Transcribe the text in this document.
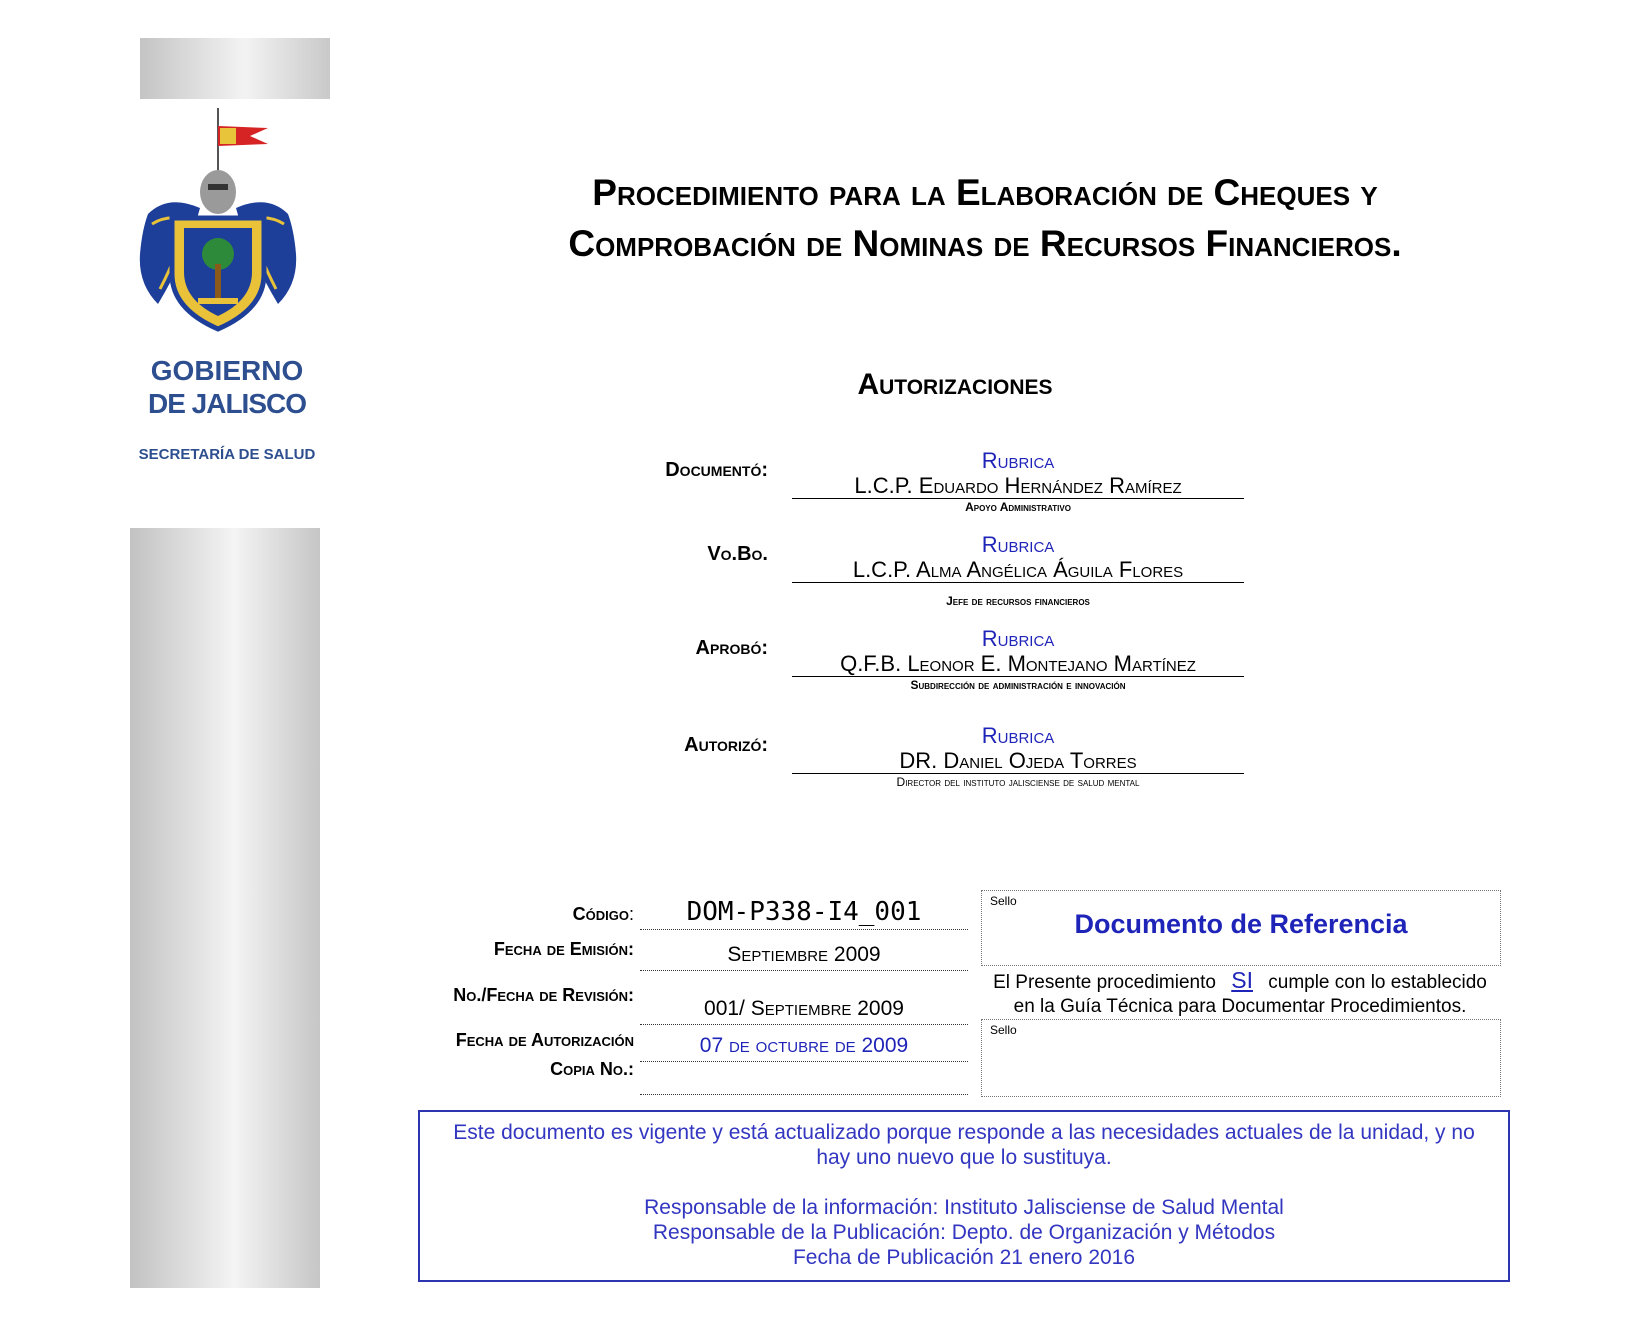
GOBIERNO
DE JALISCO
SECRETARÍA DE SALUD
Procedimiento para la Elaboración de Cheques y
Comprobación de Nominas de Recursos Financieros.
Autorizaciones
Documentó:	Rubrica
L.C.P. Eduardo Hernández Ramírez
Apoyo Administrativo
Vo.Bo.	Rubrica
L.C.P. Alma Angélica Águila Flores
Jefe de recursos financieros
Aprobó:	Rubrica
Q.F.B. Leonor E. Montejano Martínez
Subdirección de administración e innovación
Autorizó:	Rubrica
DR. Daniel Ojeda Torres
Director del instituto jalisciense de salud mental
Código:	DOM-P338-I4_001
Fecha de Emisión:	Septiembre 2009
No./Fecha de Revisión:
001/ Septiembre 2009
Fecha de Autorización	07 de octubre de 2009
Copia No.:
Sello
Documento de Referencia
El Presente procedimiento SI cumple con lo establecido
en la Guía Técnica para Documentar Procedimientos.
Sello
Este documento es vigente y está actualizado porque responde a las necesidades actuales de la unidad, y no
hay uno nuevo que lo sustituya.
Responsable de la información: Instituto Jalisciense de Salud Mental
Responsable de la Publicación: Depto. de Organización y Métodos
Fecha de Publicación 21 enero 2016
